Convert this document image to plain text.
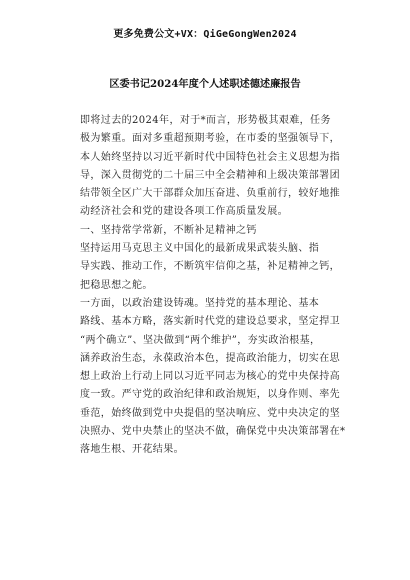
更多免费公文+VX：QiGeGongWen2024
区委书记2024年度个人述职述德述廉报告

即将过去的2024年，对于*而言，形势极其艰难，任务
极为繁重。面对多重超预期考验，在市委的坚强领导下，
本人始终坚持以习近平新时代中国特色社会主义思想为指
导，深入贯彻党的二十届三中全会精神和上级决策部署团
结带领全区广大干部群众加压奋进、负重前行，较好地推
动经济社会和党的建设各项工作高质量发展。

一、坚持常学常新，不断补足精神之钙

坚持运用马克思主义中国化的最新成果武装头脑、指
导实践、推动工作，不断筑牢信仰之基，补足精神之钙，
把稳思想之舵。

一方面，以政治建设铸魂。坚持党的基本理论、基本
路线、基本方略，落实新时代党的建设总要求，坚定捍卫
“两个确立”、坚决做到“两个维护”，夯实政治根基，
涵养政治生态，永葆政治本色，提高政治能力，切实在思
想上政治上行动上同以习近平同志为核心的党中央保持高
度一致。严守党的政治纪律和政治规矩，以身作则、率先
垂范，始终做到党中央提倡的坚决响应、党中央决定的坚
决照办、党中央禁止的坚决不做，确保党中央决策部署在*
落地生根、开花结果。
